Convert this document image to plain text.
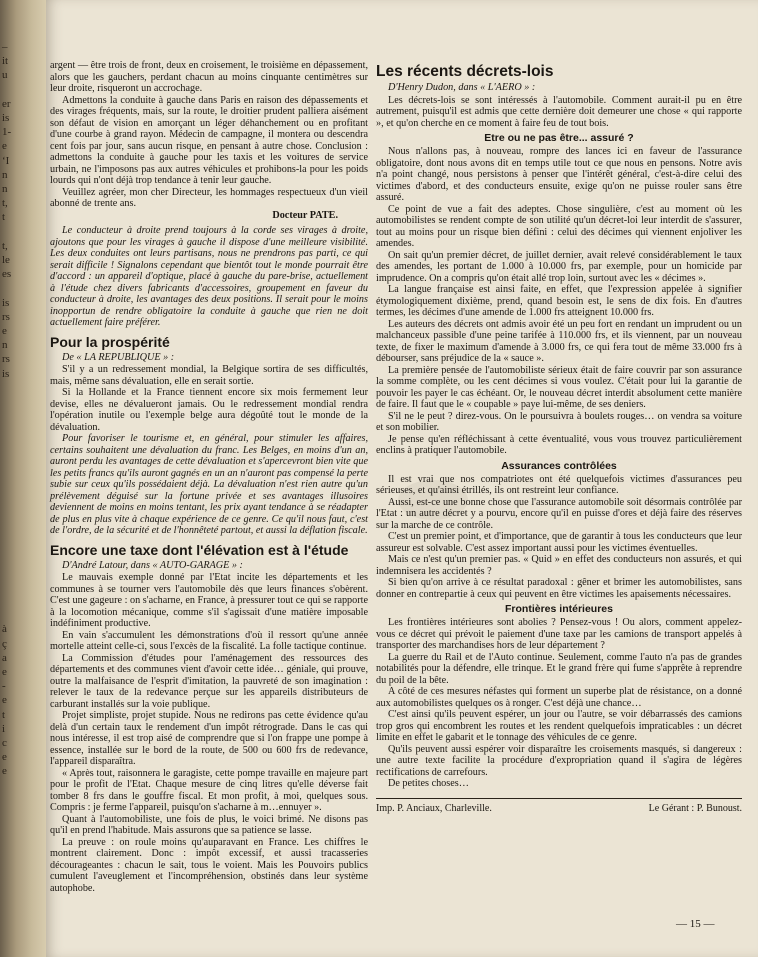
–
it
u

er
is
1‐
e
‘I
n
n
t,
t

t,
le
es

is
rs
e
n
rs
is

à
ç
a
e
‐
e
t
i
c
e
e

argent — être trois de front, deux en croisement, le troisième en dépassement, alors que les gauchers, perdant chacun au moins cinquante centimètres sur leur droite, risqueront un accrochage.

Admettons la conduite à gauche dans Paris en raison des dépassements et des virages fréquents, mais, sur la route, le droitier prudent palliera aisément son défaut de vision en amorçant un léger déhanchement ou en profitant d'une courbe à grand rayon. Médecin de campagne, il montera ou descendra cent fois par jour, sans aucun risque, en pensant à autre chose. Conclusion : admettons la conduite à gauche pour les taxis et les voitures de service urbain, ne l'imposons pas aux autres véhicules et prohibons-la pour les poids lourds qui n'ont déjà trop tendance à tenir leur gauche.

Veuillez agréer, mon cher Directeur, les hommages respectueux d'un vieil abonné de trente ans.

Docteur PATE.

Le conducteur à droite prend toujours à la corde ses virages à droite, ajoutons que pour les virages à gauche il dispose d'une meilleure visibilité. Les deux conduites ont leurs partisans, nous ne prendrons pas parti, ce qui serait difficile ! Signalons cependant que bientôt tout le monde pourrait être d'accord : un appareil d'optique, placé à gauche du pare-brise, actuellement à l'étude chez divers fabricants d'accessoires, groupement en faveur du conducteur à droite, les avantages des deux positions. Il serait pour le moins inopportun de rendre obligatoire la conduite à gauche que rien ne doit actuellement faire préférer.

Pour la prospérité
De « LA REPUBLIQUE » :

S'il y a un redressement mondial, la Belgique sortira de ses difficultés, mais, même sans dévaluation, elle en serait sortie.

Si la Hollande et la France tiennent encore six mois fermement leur devise, elles ne dévalueront jamais. Ou le redressement mondial rendra l'opération inutile ou l'exemple belge aura dégoûté tout le monde de la dévaluation.

Pour favoriser le tourisme et, en général, pour stimuler les affaires, certains souhaitent une dévaluation du franc. Les Belges, en moins d'un an, auront perdu les avantages de cette dévaluation et s'apercevront bien vite que les petits francs qu'ils auront gagnés en un an n'auront pas compensé la perte subie sur ceux qu'ils possédaient déjà. La dévaluation n'est rien autre qu'un prélèvement déguisé sur la fortune privée et ses avantages illusoires deviennent de moins en moins tentant, les prix ayant tendance à se réadapter de plus en plus vite à chaque expérience de ce genre. Ce qu'il nous faut, c'est de l'ordre, de la sécurité et de l'honnêteté partout, et aussi la déflation fiscale.

Encore une taxe dont l'élévation est à l'étude
D'André Latour, dans « AUTO-GARAGE » :

Le mauvais exemple donné par l'Etat incite les départements et les communes à se tourner vers l'automobile dès que leurs finances s'obèrent. C'est une gageure : on s'acharne, en France, à pressurer tout ce qui se rapporte à la locomotion mécanique, comme s'il s'agissait d'une matière imposable indéfiniment productive.

En vain s'accumulent les démonstrations d'où il ressort qu'une année mortelle atteint celle-ci, sous l'excès de la fiscalité. La folle tactique continue.

La Commission d'études pour l'aménagement des ressources des départements et des communes vient d'avoir cette idée… géniale, qui prouve, outre la malfaisance de l'esprit d'imitation, la pauvreté de son imagination : relever le taux de la redevance perçue sur les appareils distributeurs de carburant installés sur la voie publique.

Projet simpliste, projet stupide. Nous ne redirons pas cette évidence qu'au delà d'un certain taux le rendement d'un impôt rétrograde. Dans le cas qui nous intéresse, il est trop aisé de comprendre que si l'on frappe une pompe à essence, installée sur le bord de la route, de 500 ou 600 frs de redevance, l'appareil disparaîtra.

« Après tout, raisonnera le garagiste, cette pompe travaille en majeure part pour le profit de l'Etat. Chaque mesure de cinq litres qu'elle déverse fait tomber 8 frs dans le gouffre fiscal. Et mon profit, à moi, quelques sous. Compris : je ferme l'appareil, puisqu'on s'acharne à m…ennuyer ».

Quant à l'automobiliste, une fois de plus, le voici brimé. Ne disons pas qu'il en prend l'habitude. Mais assurons que sa patience se lasse.

La preuve : on roule moins qu'auparavant en France. Les chiffres le montrent clairement. Donc : impôt excessif, et aussi tracasseries décourageantes : chacun le sait, tous le voient. Mais les Pouvoirs publics cumulent l'aveuglement et l'incompréhension, obstinés dans leur système autophobe.

Les récents décrets-lois
D'Henry Dudon, dans « L'AERO » :

Les décrets-lois se sont intéressés à l'automobile. Comment aurait-il pu en être autrement, puisqu'il est admis que cette dernière doit demeurer une chose « qui rapporte », et qu'on cherche en ce moment à faire feu de tout bois.

Etre ou ne pas être... assuré ?

Nous n'allons pas, à nouveau, rompre des lances ici en faveur de l'assurance obligatoire, dont nous avons dit en temps utile tout ce que nous en pensons. Notre avis n'a point changé, nous persistons à penser que l'intérêt général, c'est-à-dire celui des victimes d'abord, et des conducteurs ensuite, exige qu'on ne puisse rouler sans être assuré.

Ce point de vue a fait des adeptes. Chose singulière, c'est au moment où les automobilistes se rendent compte de son utilité qu'un décret-loi leur interdit de s'assurer, tout au moins pour un risque bien défini : celui des décimes qui viennent enjoliver les amendes.

On sait qu'un premier décret, de juillet dernier, avait relevé considérablement le taux des amendes, les portant de 1.000 à 10.000 frs, par exemple, pour un homicide par imprudence. On a compris qu'on était allé trop loin, surtout avec les « décimes ».

La langue française est ainsi faite, en effet, que l'expression appelée à signifier étymologiquement dixième, prend, quand besoin est, le sens de dix fois. En d'autres termes, les décimes d'une amende de 1.000 frs atteignent 10.000 frs.

Les auteurs des décrets ont admis avoir été un peu fort en rendant un imprudent ou un malchanceux passible d'une peine tarifée à 110.000 frs, et ils viennent, par un nouveau texte, de fixer le maximum d'amende à 3.000 frs, ce qui fera tout de même 33.000 frs à débourser, sans préjudice de la « sauce ».

La première pensée de l'automobiliste sérieux était de faire couvrir par son assurance la somme complète, ou les cent décimes si vous voulez. C'était pour lui la garantie de pouvoir les payer le cas échéant. Or, le nouveau décret interdit absolument cette manière de faire. Il faut que le « coupable » paye lui-même, de ses deniers.

S'il ne le peut ? direz-vous. On le poursuivra à boulets rouges… on vendra sa voiture et son mobilier.

Je pense qu'en réfléchissant à cette éventualité, vous vous trouvez particulièrement enclins à pratiquer l'automobile.

Assurances contrôlées

Il est vrai que nos compatriotes ont été quelquefois victimes d'assurances peu sérieuses, et qu'ainsi étrillés, ils ont restreint leur confiance.

Aussi, est-ce une bonne chose que l'assurance automobile soit désormais contrôlée par l'Etat : un autre décret y a pourvu, encore qu'il en puisse d'ores et déjà faire des réserves sur la marche de ce contrôle.

C'est un premier point, et d'importance, que de garantir à tous les conducteurs que leur assureur est solvable. C'est assez important aussi pour les victimes éventuelles.

Mais ce n'est qu'un premier pas. « Quid » en effet des conducteurs non assurés, et qui indemnisera les accidentés ?

Si bien qu'on arrive à ce résultat paradoxal : gêner et brimer les automobilistes, sans donner en contrepartie à ceux qui peuvent en être victimes les apaisements nécessaires.

Frontières intérieures

Les frontières intérieures sont abolies ? Pensez-vous ! Ou alors, comment appelez-vous ce décret qui prévoit le paiement d'une taxe par les camions de transport appelés à transporter des marchandises hors de leur département ?

La guerre du Rail et de l'Auto continue. Seulement, comme l'auto n'a pas de grandes notabilités pour la défendre, elle trinque. Et le grand frère qui fume s'apprête à reprendre du poil de la bête.

A côté de ces mesures néfastes qui forment un superbe plat de résistance, on a donné aux automobilistes quelques os à ronger. C'est déjà une chance…

C'est ainsi qu'ils peuvent espérer, un jour ou l'autre, se voir débarrassés des camions trop gros qui encombrent les routes et les rendent quelquefois impraticables : un décret limite en effet le gabarit et le tonnage des véhicules de ce genre.

Qu'ils peuvent aussi espérer voir disparaître les croisements masqués, si dangereux : une autre texte facilite la procédure d'expropriation quand il s'agira de légères rectifications de carrefours.

De petites choses…

Imp. P. Anciaux, Charleville.	Le Gérant : P. Bunoust.
— 15 —
